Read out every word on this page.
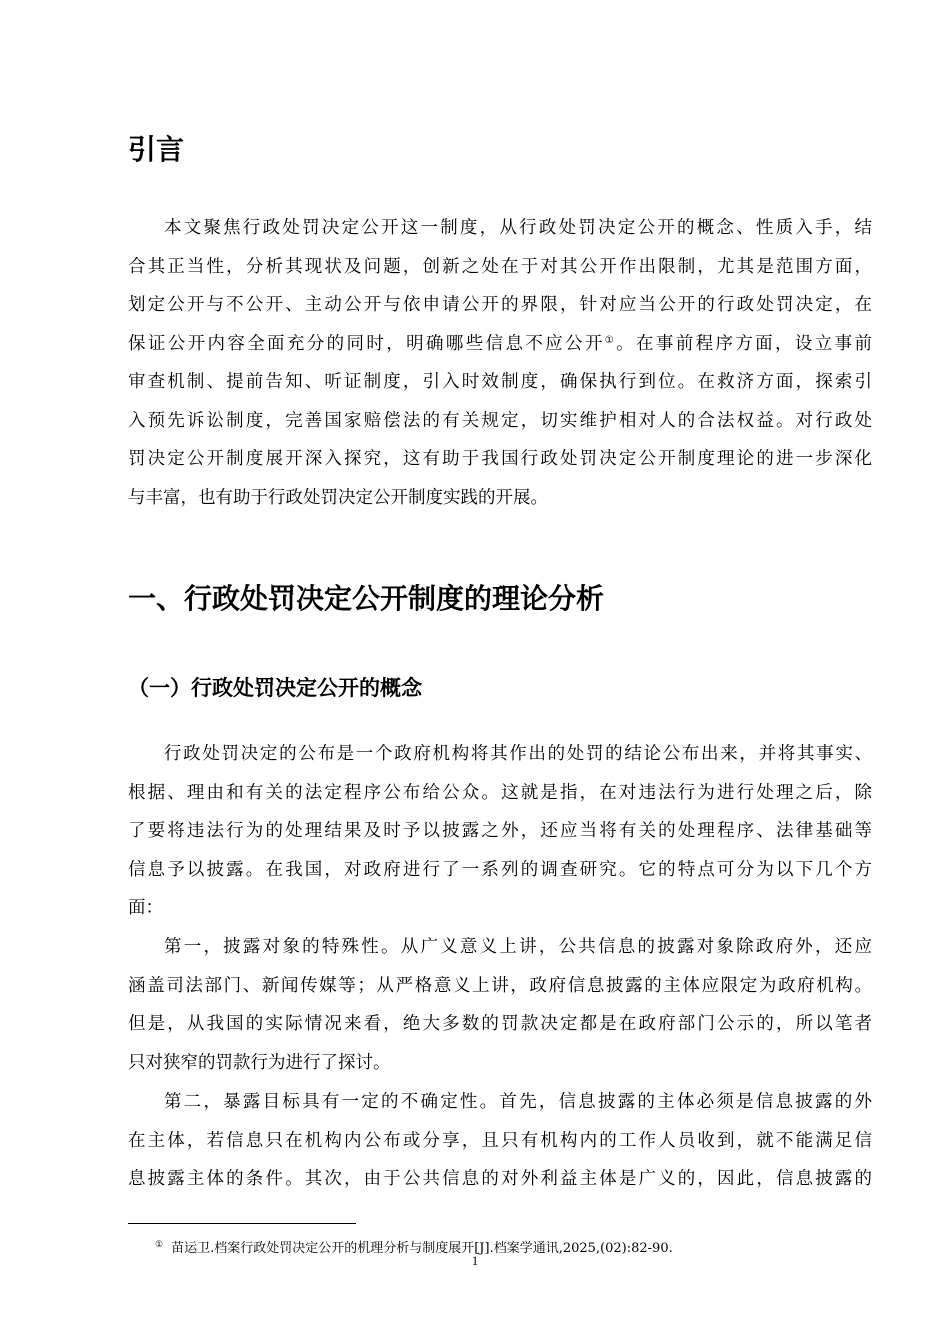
引言
本文聚焦行政处罚决定公开这一制度，从行政处罚决定公开的概念、性质入手，结
合其正当性，分析其现状及问题，创新之处在于对其公开作出限制，尤其是范围方面，
划定公开与不公开、主动公开与依申请公开的界限，针对应当公开的行政处罚决定，在
保证公开内容全面充分的同时，明确哪些信息不应公开①。在事前程序方面，设立事前
审查机制、提前告知、听证制度，引入时效制度，确保执行到位。在救济方面，探索引
入预先诉讼制度，完善国家赔偿法的有关规定，切实维护相对人的合法权益。对行政处
罚决定公开制度展开深入探究，这有助于我国行政处罚决定公开制度理论的进一步深化
与丰富，也有助于行政处罚决定公开制度实践的开展。
一、行政处罚决定公开制度的理论分析
（一）行政处罚决定公开的概念
行政处罚决定的公布是一个政府机构将其作出的处罚的结论公布出来，并将其事实、
根据、理由和有关的法定程序公布给公众。这就是指，在对违法行为进行处理之后，除
了要将违法行为的处理结果及时予以披露之外，还应当将有关的处理程序、法律基础等
信息予以披露。在我国，对政府进行了一系列的调查研究。它的特点可分为以下几个方
面：
第一，披露对象的特殊性。从广义意义上讲，公共信息的披露对象除政府外，还应
涵盖司法部门、新闻传媒等；从严格意义上讲，政府信息披露的主体应限定为政府机构。
但是，从我国的实际情况来看，绝大多数的罚款决定都是在政府部门公示的，所以笔者
只对狭窄的罚款行为进行了探讨。
第二，暴露目标具有一定的不确定性。首先，信息披露的主体必须是信息披露的外
在主体，若信息只在机构内公布或分享，且只有机构内的工作人员收到，就不能满足信
息披露主体的条件。其次，由于公共信息的对外利益主体是广义的，因此，信息披露的
① 苗运卫.档案行政处罚决定公开的机理分析与制度展开[J].档案学通讯,2025,(02):82-90.
1
